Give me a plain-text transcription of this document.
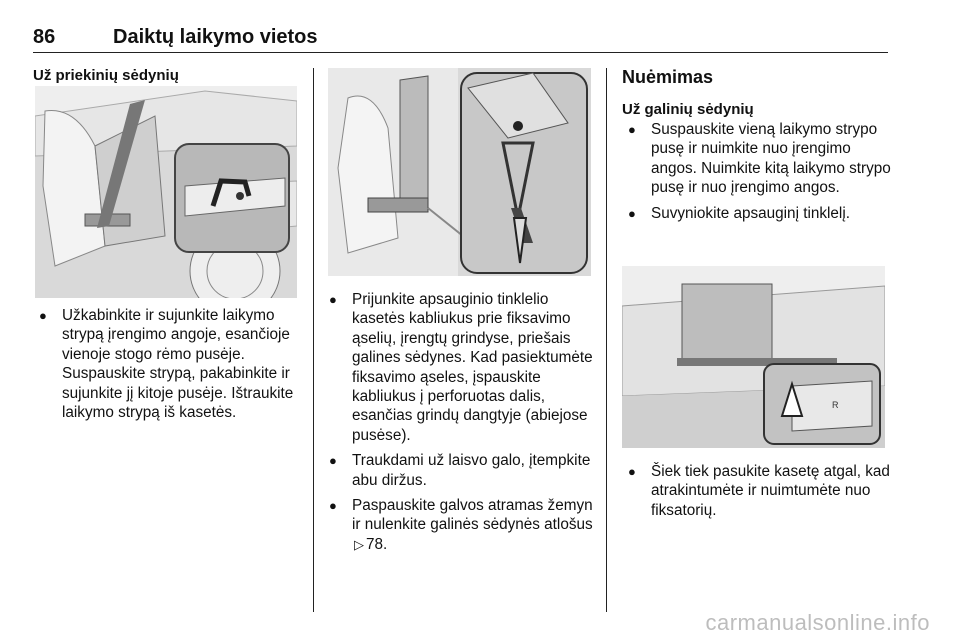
86	Daiktų laikymo vietos
Už priekinių sėdynių
● Užkabinkite ir sujunkite laikymo strypą įrengimo angoje, esančioje vienoje stogo rėmo pusėje. Suspauskite strypą, pakabinkite ir sujunkite jį kitoje pusėje. Ištraukite laikymo strypą iš kasetės.
● Prijunkite apsauginio tinklelio kasetės kabliukus prie fiksavimo ąselių, įrengtų grindyse, priešais galines sėdynes. Kad pasiektumėte fiksavimo ąseles, įspauskite kabliukus į perforuotas dalis, esančias grindų dangtyje (abiejose pusėse).
● Traukdami už laisvo galo, įtempkite abu diržus.
● Paspauskite galvos atramas žemyn ir nulenkite galinės sėdynės atlošus ▷ 78.
Nuėmimas
Už galinių sėdynių
● Suspauskite vieną laikymo strypo pusę ir nuimkite nuo įrengimo angos. Nuimkite kitą laikymo strypo pusę ir nuo įrengimo angos.
● Suvyniokite apsauginį tinklelį.
R
● Šiek tiek pasukite kasetę atgal, kad atrakintumėte ir nuimtumėte nuo fiksatorių.
carmanualsonline.info
